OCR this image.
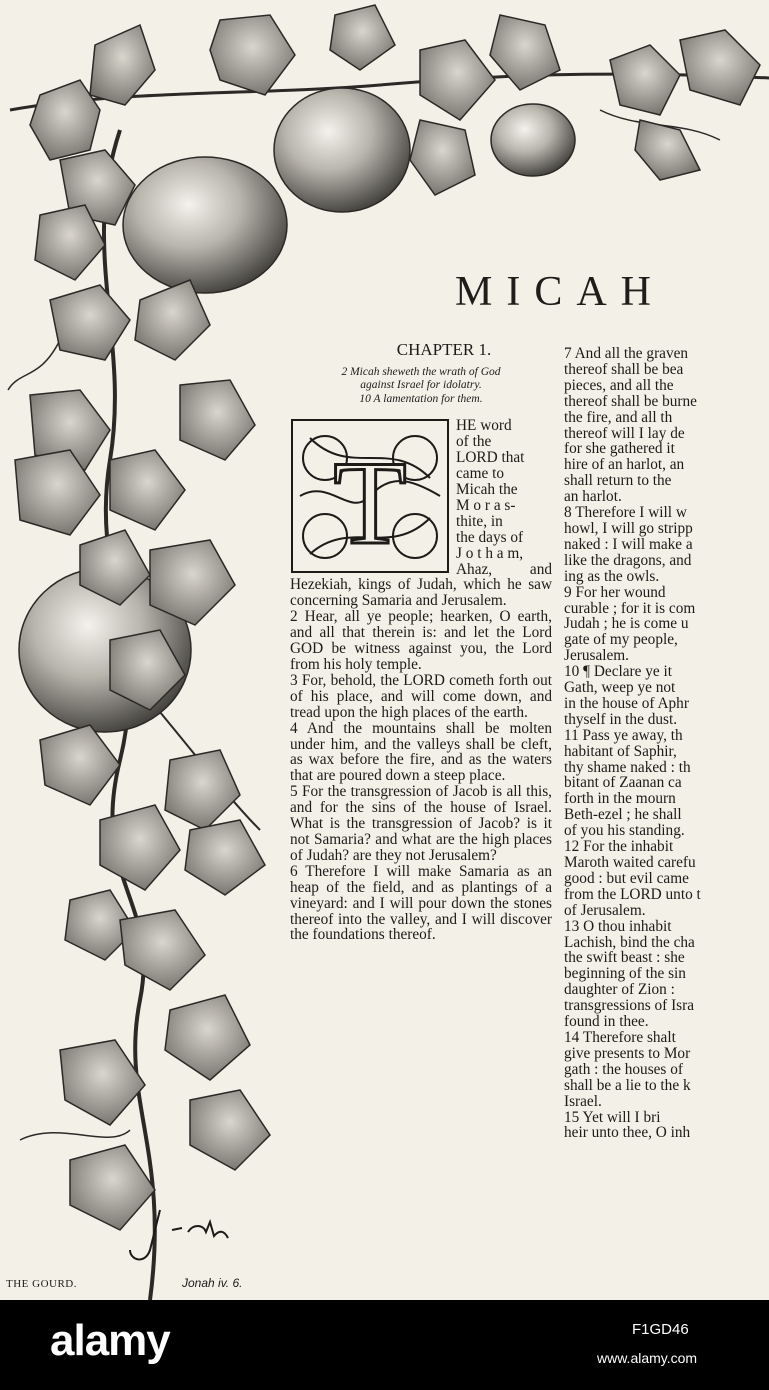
MICAH
CHAPTER 1.
2 Micah sheweth the wrath of God
against Israel for idolatry.
10 A lamentation for them.
T
HE word
of the
LORD that
came to
Micah the
M o r a s-
thite, in
the days of
J o t h a m,
Ahaz, and Hezekiah, kings of Judah, which he saw concerning Samaria and Jerusalem.
2 Hear, all ye people; hearken, O earth, and all that therein is: and let the Lord GOD be witness against you, the Lord from his holy temple.
3 For, behold, the LORD cometh forth out of his place, and will come down, and tread upon the high places of the earth.
4 And the mountains shall be molten under him, and the valleys shall be cleft, as wax before the fire, and as the waters that are poured down a steep place.
5 For the transgression of Jacob is all this, and for the sins of the house of Israel. What is the transgression of Jacob? is it not Samaria? and what are the high places of Judah? are they not Jerusalem?
6 Therefore I will make Samaria as an heap of the field, and as plantings of a vineyard: and I will pour down the stones thereof into the valley, and I will discover the foundations thereof.
7 And all the graven
thereof shall be bea
pieces, and all the
thereof shall be burne
the fire, and all th
thereof will I lay de
for she gathered it
hire of an harlot, an
shall return to the
an harlot.
8 Therefore I will w
howl, I will go stripp
naked : I will make a
like the dragons, and
ing as the owls.
9 For her wound
curable ; for it is com
Judah ; he is come u
gate of my people,
Jerusalem.
10 ¶ Declare ye it
Gath, weep ye not
in the house of Aphr
thyself in the dust.
11 Pass ye away, th
habitant of Saphir,
thy shame naked : th
bitant of Zaanan ca
forth in the mourn
Beth-ezel ; he shall
of you his standing.
12 For the inhabit
Maroth waited carefu
good : but evil came
from the LORD unto t
of Jerusalem.
13 O thou inhabit
Lachish, bind the cha
the swift beast : she
beginning of the sin
daughter of Zion :
transgressions of Isra
found in thee.
14 Therefore shalt
give presents to Mor
gath : the houses of
shall be a lie to the k
Israel.
15 Yet will I bri
heir unto thee, O inh
THE GOURD.	Jonah iv. 6.
alamy	F1GD46
www.alamy.com
